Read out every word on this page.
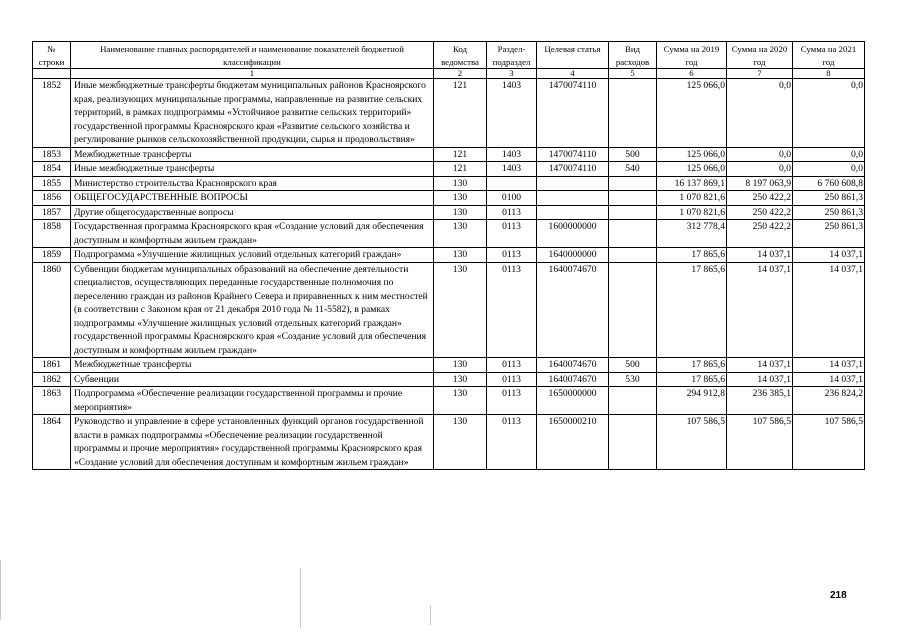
№ строки	Наименование главных распорядителей и наименование показателей бюджетной классификации	Код ведомства	Раздел-подраздел	Целевая статья	Вид расходов	Сумма на 2019 год	Сумма на 2020 год	Сумма на 2021 год
	1	2	3	4	5	6	7	8
1852	Иные межбюджетные трансферты бюджетам муниципальных районов Красноярского края, реализующих муниципальные программы, направленные на развитие сельских территорий, в рамках подпрограммы «Устойчивое развитие сельских территорий» государственной программы Красноярского края «Развитие сельского хозяйства и регулирование рынков сельскохозяйственной продукции, сырья и продовольствия»	121	1403	1470074110		125 066,0	0,0	0,0
1853	Межбюджетные трансферты	121	1403	1470074110	500	125 066,0	0,0	0,0
1854	Иные межбюджетные трансферты	121	1403	1470074110	540	125 066,0	0,0	0,0
1855	Министерство строительства Красноярского края	130				16 137 869,1	8 197 063,9	6 760 608,8
1856	ОБЩЕГОСУДАРСТВЕННЫЕ ВОПРОСЫ	130	0100			1 070 821,6	250 422,2	250 861,3
1857	Другие общегосударственные вопросы	130	0113			1 070 821,6	250 422,2	250 861,3
1858	Государственная программа Красноярского края «Создание условий для обеспечения доступным и комфортным жильем граждан»	130	0113	1600000000		312 778,4	250 422,2	250 861,3
1859	Подпрограмма «Улучшение жилищных условий отдельных категорий граждан»	130	0113	1640000000		17 865,6	14 037,1	14 037,1
1860	Субвенции бюджетам муниципальных образований на обеспечение деятельности специалистов, осуществляющих переданные государственные полномочия по переселению граждан из районов Крайнего Севера и приравненных к ним местностей (в соответствии с Законом края от 21 декабря 2010 года № 11-5582), в рамках подпрограммы «Улучшение жилищных условий отдельных категорий граждан» государственной программы Красноярского края «Создание условий для обеспечения доступным и комфортным жильем граждан»	130	0113	1640074670		17 865,6	14 037,1	14 037,1
1861	Межбюджетные трансферты	130	0113	1640074670	500	17 865,6	14 037,1	14 037,1
1862	Субвенции	130	0113	1640074670	530	17 865,6	14 037,1	14 037,1
1863	Подпрограмма «Обеспечение реализации государственной программы и прочие мероприятия»	130	0113	1650000000		294 912,8	236 385,1	236 824,2
1864	Руководство и управление в сфере установленных функций органов государственной власти в рамках подпрограммы «Обеспечение реализации государственной программы и прочие мероприятия» государственной программы Красноярского края «Создание условий для обеспечения доступным и комфортным жильем граждан»	130	0113	1650000210		107 586,5	107 586,5	107 586,5
218
